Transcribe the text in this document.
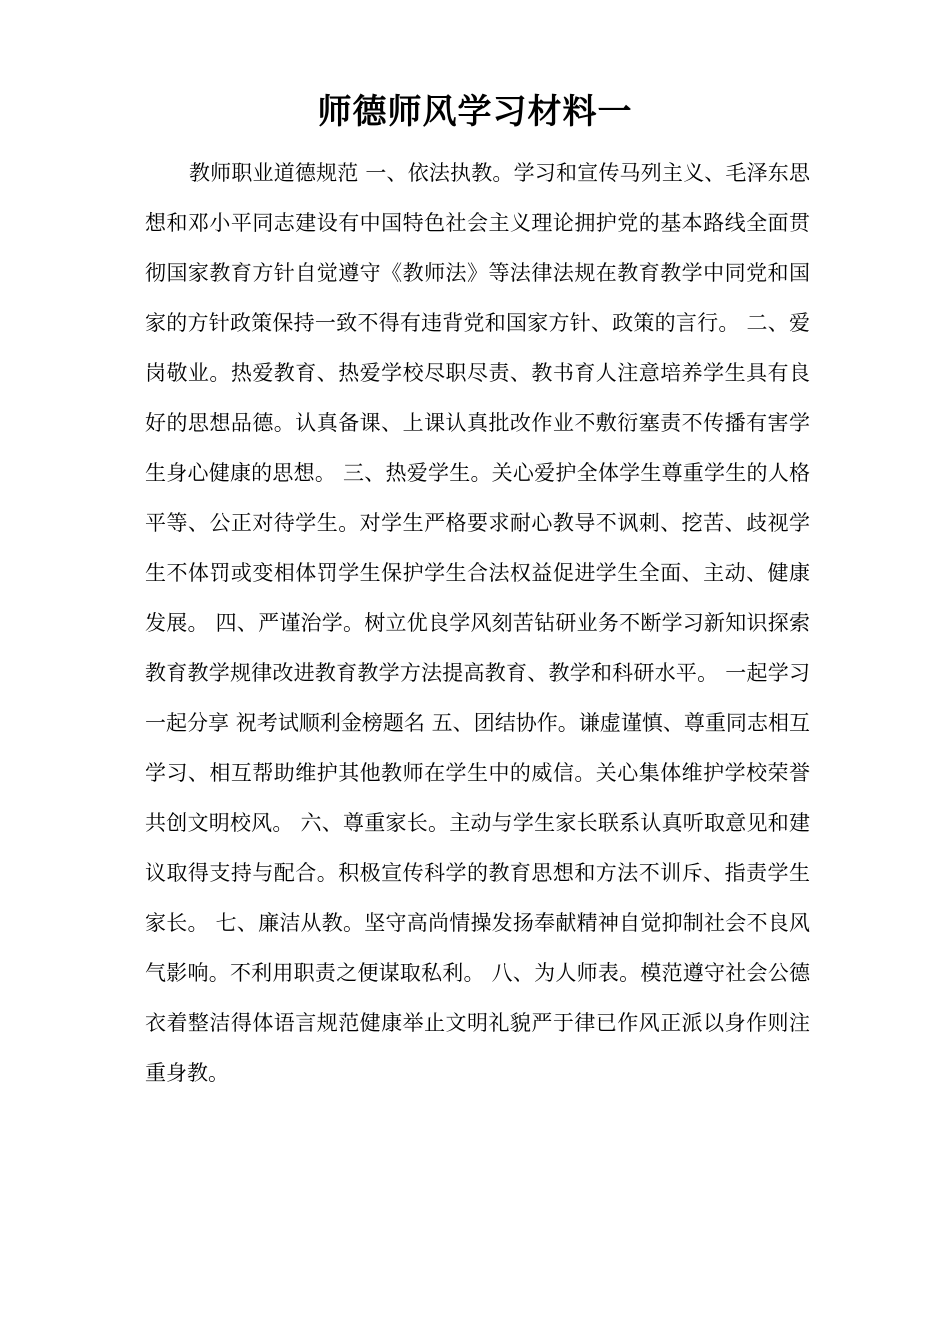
师德师风学习材料一

教师职业道德规范 一、依法执教。学习和宣传马列主义、毛泽东思想和邓小平同志建设有中国特色社会主义理论拥护党的基本路线全面贯彻国家教育方针自觉遵守《教师法》等法律法规在教育教学中同党和国家的方针政策保持一致不得有违背党和国家方针、政策的言行。 二、爱岗敬业。热爱教育、热爱学校尽职尽责、教书育人注意培养学生具有良好的思想品德。认真备课、上课认真批改作业不敷衍塞责不传播有害学生身心健康的思想。 三、热爱学生。关心爱护全体学生尊重学生的人格平等、公正对待学生。对学生严格要求耐心教导不讽刺、挖苦、歧视学生不体罚或变相体罚学生保护学生合法权益促进学生全面、主动、健康发展。 四、严谨治学。树立优良学风刻苦钻研业务不断学习新知识探索教育教学规律改进教育教学方法提高教育、教学和科研水平。 一起学习 一起分享 祝考试顺利金榜题名 五、团结协作。谦虚谨慎、尊重同志相互学习、相互帮助维护其他教师在学生中的威信。关心集体维护学校荣誉共创文明校风。 六、尊重家长。主动与学生家长联系认真听取意见和建议取得支持与配合。积极宣传科学的教育思想和方法不训斥、指责学生家长。 七、廉洁从教。坚守高尚情操发扬奉献精神自觉抑制社会不良风气影响。不利用职责之便谋取私利。 八、为人师表。模范遵守社会公德衣着整洁得体语言规范健康举止文明礼貌严于律已作风正派以身作则注重身教。
